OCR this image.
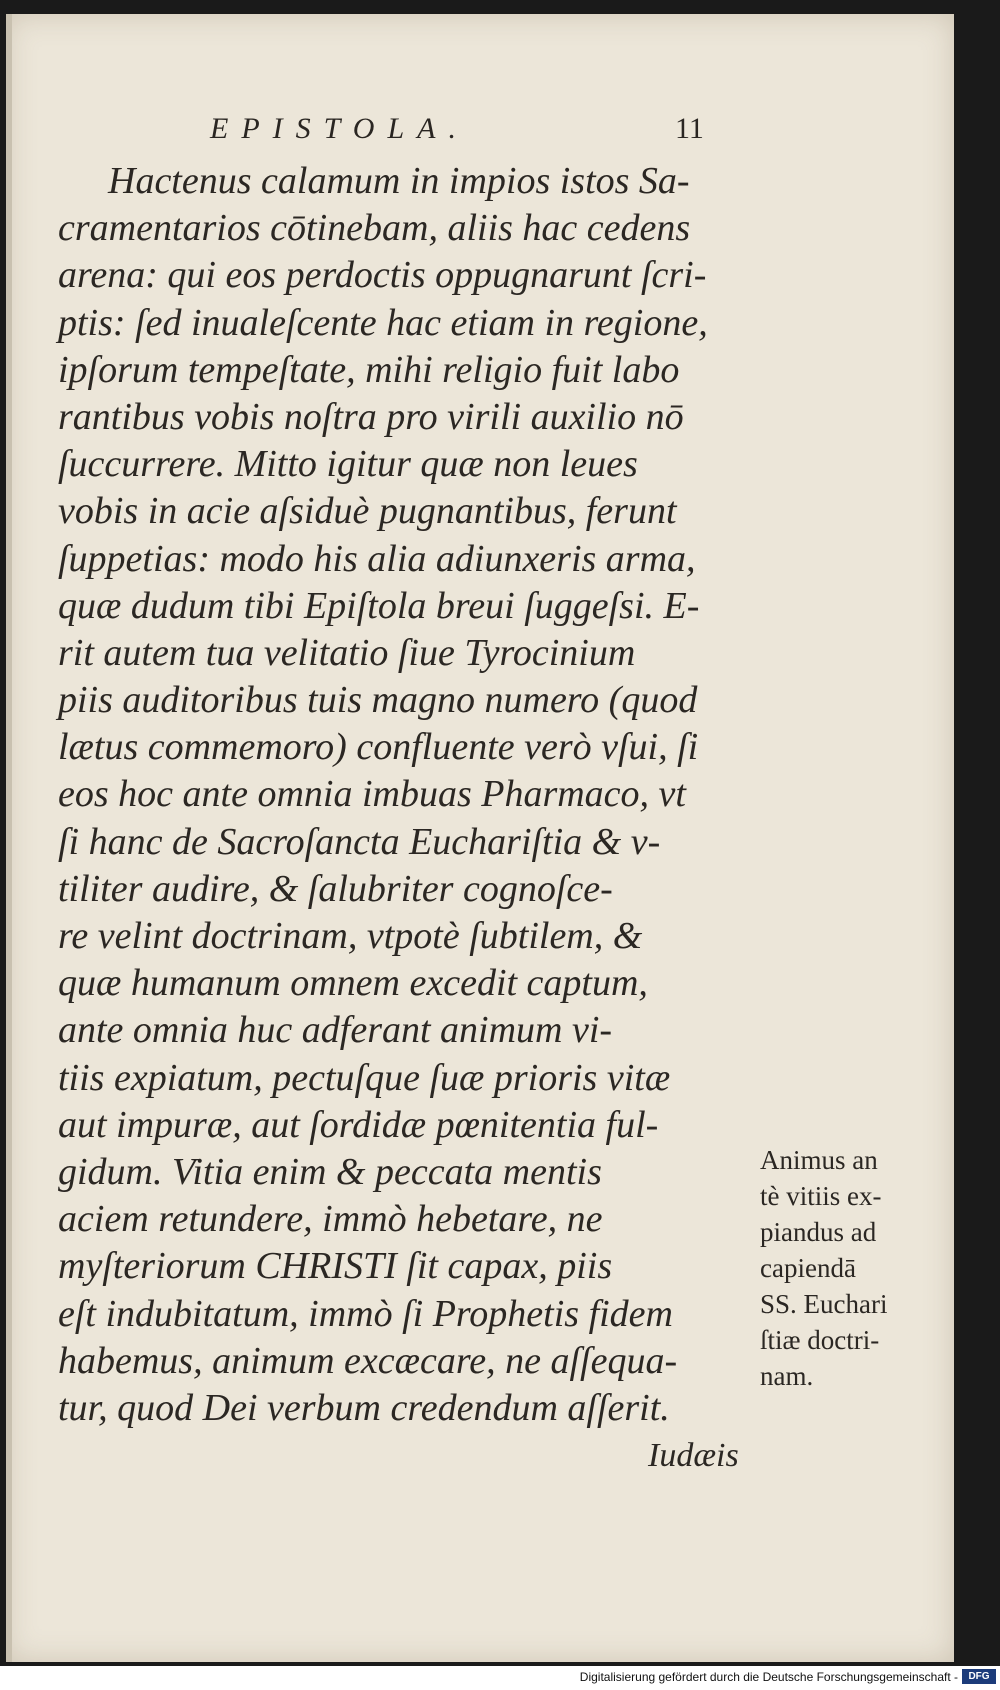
EPISTOLA.	11
Hactenus calamum in impios istos Sa-
cramentarios cōtinebam, aliis hac cedens
arena: qui eos perdoctis oppugnarunt ſcri-
ptis: ſed inualeſcente hac etiam in regione,
ipſorum tempeſtate, mihi religio fuit labo
rantibus vobis noſtra pro virili auxilio nō
ſuccurrere. Mitto igitur quæ non leues
vobis in acie aſsiduè pugnantibus, ferunt
ſuppetias: modo his alia adiunxeris arma,
quæ dudum tibi Epiſtola breui ſuggeſsi. E-
rit autem tua velitatio ſiue Tyrocinium
piis auditoribus tuis magno numero (quod
lætus commemoro) confluente verò vſui, ſi
eos hoc ante omnia imbuas Pharmaco, vt
ſi hanc de Sacroſancta Euchariſtia & v-
tiliter audire, & ſalubriter cognoſce-
re velint doctrinam, vtpotè ſubtilem, &
quæ humanum omnem excedit captum,
ante omnia huc adferant animum vi-
tiis expiatum, pectuſque ſuæ prioris vitæ
aut impuræ, aut ſordidæ pœnitentia ful-
gidum. Vitia enim & peccata mentis
aciem retundere, immò hebetare, ne
myſteriorum CHRISTI ſit capax, piis
eſt indubitatum, immò ſi Prophetis fidem
habemus, animum excæcare, ne aſſequa-
tur, quod Dei verbum credendum aſſerit.
Iudæis
Animus an
tè vitiis ex-
piandus ad
capiendā
SS. Euchari
ſtiæ doctri-
nam.
Digitalisierung gefördert durch die Deutsche Forschungsgemeinschaft -	DFG
